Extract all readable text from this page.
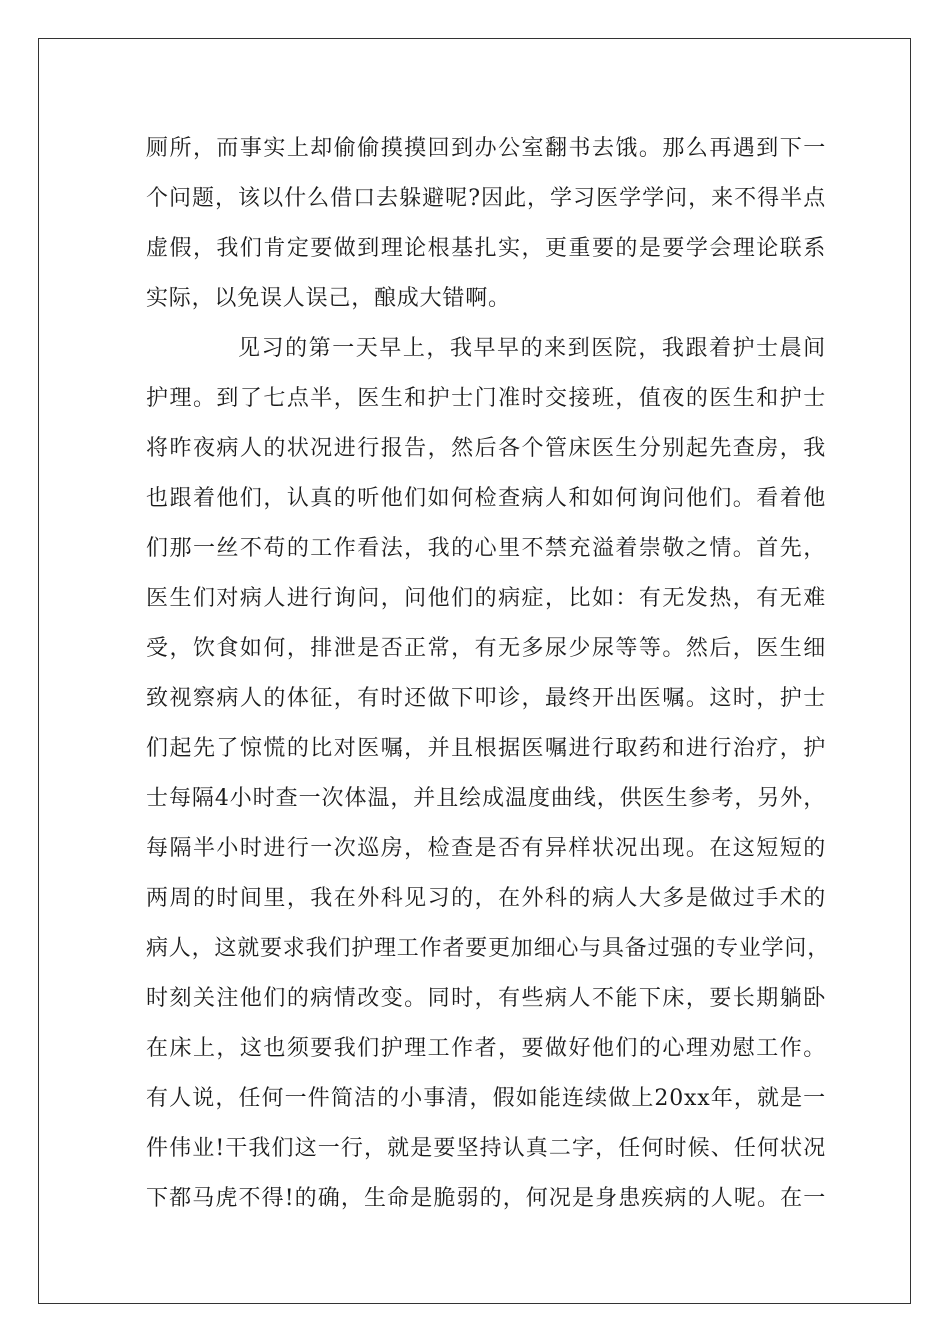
厕所，而事实上却偷偷摸摸回到办公室翻书去饿。那么再遇到下一
个问题，该以什么借口去躲避呢?因此，学习医学学问，来不得半点
虚假，我们肯定要做到理论根基扎实，更重要的是要学会理论联系
实际，以免误人误己，酿成大错啊。
见习的第一天早上，我早早的来到医院，我跟着护士晨间
护理。到了七点半，医生和护士门准时交接班，值夜的医生和护士
将昨夜病人的状况进行报告，然后各个管床医生分别起先查房，我
也跟着他们，认真的听他们如何检查病人和如何询问他们。看着他
们那一丝不苟的工作看法，我的心里不禁充溢着崇敬之情。首先，
医生们对病人进行询问，问他们的病症，比如：有无发热，有无难
受，饮食如何，排泄是否正常，有无多尿少尿等等。然后，医生细
致视察病人的体征，有时还做下叩诊，最终开出医嘱。这时，护士
们起先了惊慌的比对医嘱，并且根据医嘱进行取药和进行治疗，护
士每隔4小时查一次体温，并且绘成温度曲线，供医生参考，另外，
每隔半小时进行一次巡房，检查是否有异样状况出现。在这短短的
两周的时间里，我在外科见习的，在外科的病人大多是做过手术的
病人，这就要求我们护理工作者要更加细心与具备过强的专业学问，
时刻关注他们的病情改变。同时，有些病人不能下床，要长期躺卧
在床上，这也须要我们护理工作者，要做好他们的心理劝慰工作。
有人说，任何一件简洁的小事清，假如能连续做上20xx年，就是一
件伟业!干我们这一行，就是要坚持认真二字，任何时候、任何状况
下都马虎不得!的确，生命是脆弱的，何况是身患疾病的人呢。在一
